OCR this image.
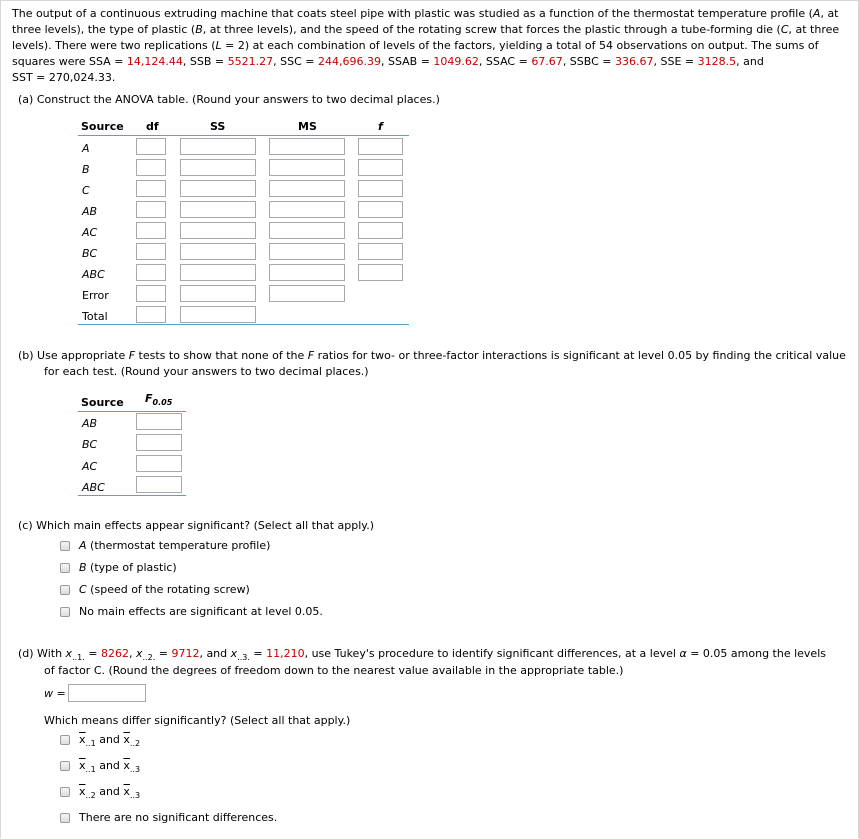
The output of a continuous extruding machine that coats steel pipe with plastic was studied as a function of the thermostat temperature profile (A, at three levels), the type of plastic (B, at three levels), and the speed of the rotating screw that forces the plastic through a tube-forming die (C, at three levels). There were two replications (L = 2) at each combination of levels of the factors, yielding a total of 54 observations on output. The sums of squares were SSA = 14,124.44, SSB = 5521.27, SSC = 244,696.39, SSAB = 1049.62, SSAC = 67.67, SSBC = 336.67, SSE = 3128.5, and
SST = 270,024.33.
(a) Construct the ANOVA table. (Round your answers to two decimal places.)
Source df	SS	MS	f
A
B
C
AB
AC
BC
ABC
Error
Total
(b) Use appropriate F tests to show that none of the F ratios for two- or three-factor interactions is significant at level 0.05 by finding the critical value
for each test. (Round your answers to two decimal places.)
Source $F_{0.05}$
AB
BC
AC
ABC
(c) Which main effects appear significant? (Select all that apply.)
A (thermostat temperature profile)
B (type of plastic)
C (speed of the rotating screw)
No main effects are significant at level 0.05.
(d) With $x_{..1.} = 8262$, $x_{..2.} = 9712$, and $x_{..3.} = 11,210$, use Tukey's procedure to identify significant differences, at a level α = 0.05 among the levels
of factor C. (Round the degrees of freedom down to the nearest value available in the appropriate table.)
w =
Which means differ significantly? (Select all that apply.)
$\overline{x}_{..1}$ and $\overline{x}_{..2}$
$\overline{x}_{..1}$ and $\overline{x}_{..3}$
$\overline{x}_{..2}$ and $\overline{x}_{..3}$
There are no significant differences.
